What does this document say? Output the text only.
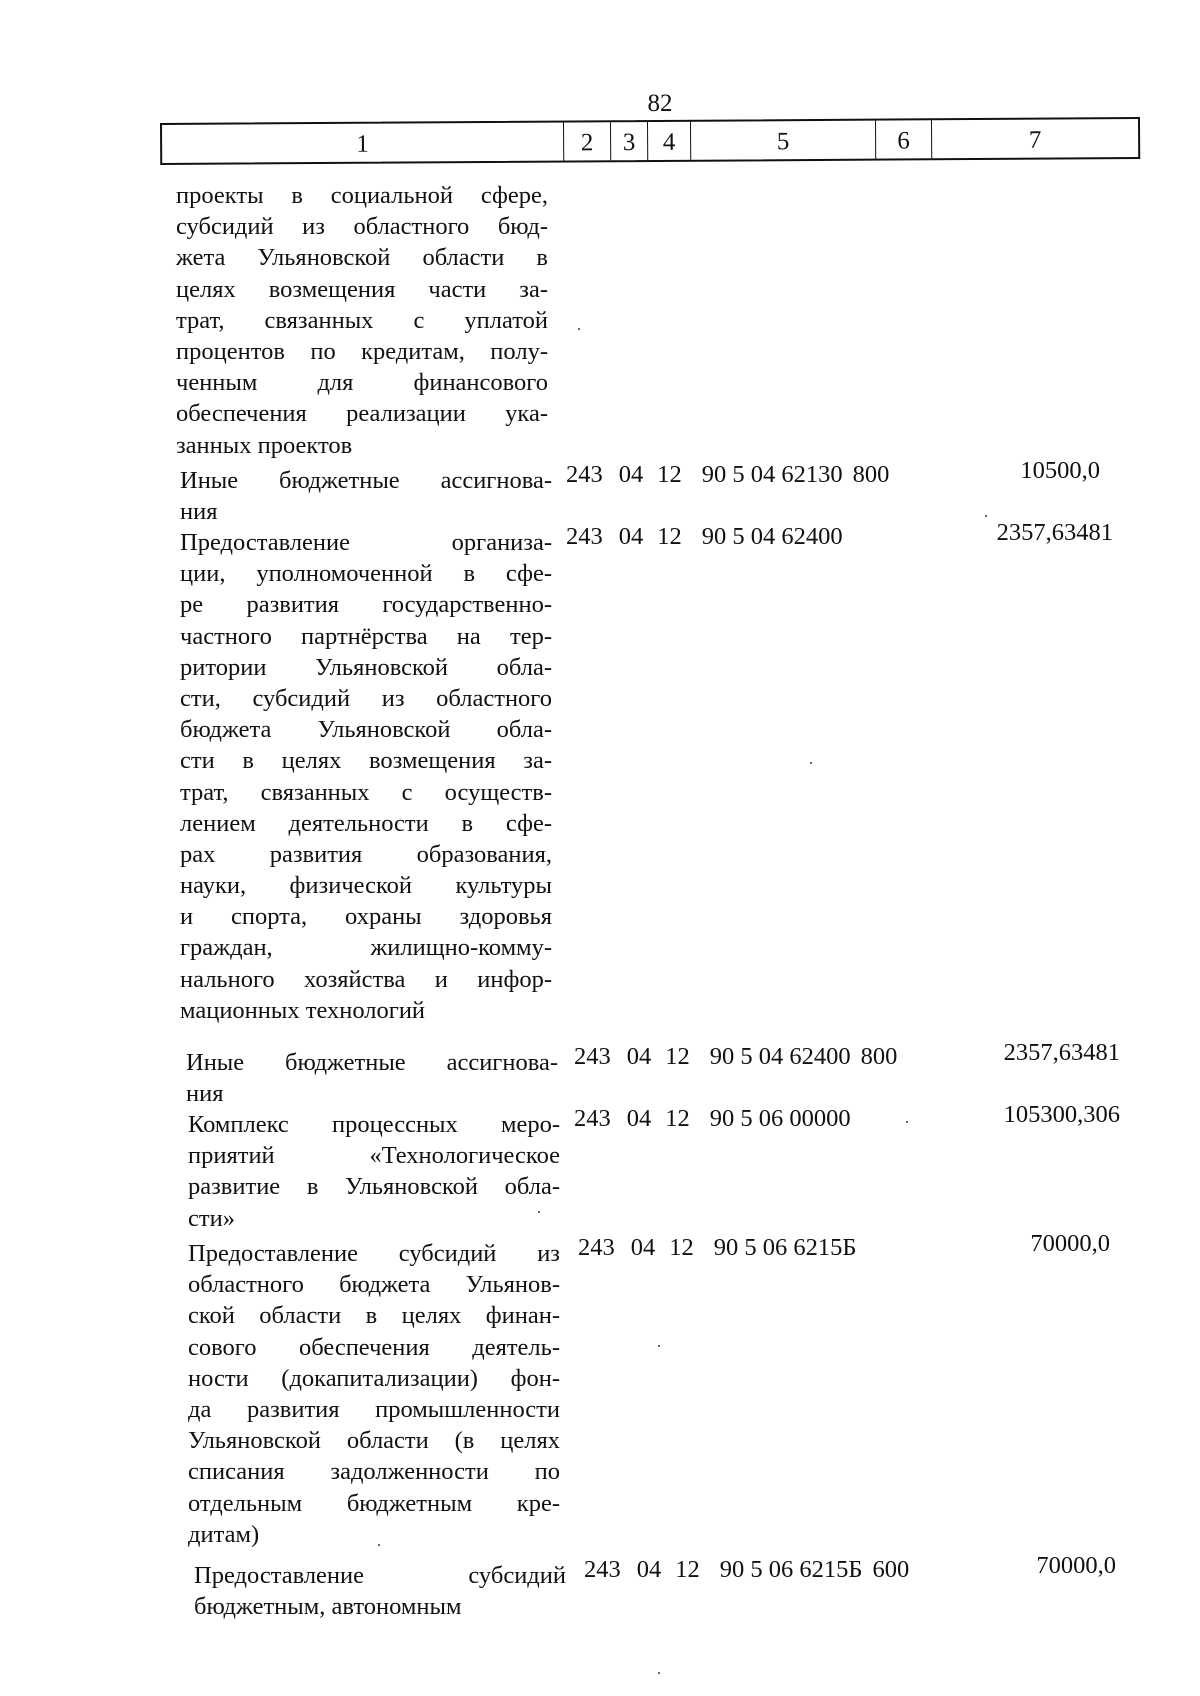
82
1	2	3	4	5	6	7
проекты в социальной сфере,
субсидий из областного бюд-
жета Ульяновской области в
целях возмещения части за-
трат, связанных с уплатой
процентов по кредитам, полу-
ченным для финансового
обеспечения реализации ука-
занных проектов
Иные бюджетные ассигнова-
ния
243 04 12 90 5 04 62130 800	10500,0
Предоставление организа-
ции, уполномоченной в сфе-
ре развития государственно-
частного партнёрства на тер-
ритории Ульяновской обла-
сти, субсидий из областного
бюджета Ульяновской обла-
сти в целях возмещения за-
трат, связанных с осуществ-
лением деятельности в сфе-
рах развития образования,
науки, физической культуры
и спорта, охраны здоровья
граждан, жилищно-комму-
нального хозяйства и инфор-
мационных технологий
243 04 12 90 5 04 62400	2357,63481
Иные бюджетные ассигнова-
ния
243 04 12 90 5 04 62400 800	2357,63481
Комплекс процессных меро-
приятий «Технологическое
развитие в Ульяновской обла-
сти»
243 04 12 90 5 06 00000	105300,306
Предоставление субсидий из
областного бюджета Ульянов-
ской области в целях финан-
сового обеспечения деятель-
ности (докапитализации) фон-
да развития промышленности
Ульяновской области (в целях
списания задолженности по
отдельным бюджетным кре-
дитам)
243 04 12 90 5 06 6215Б	70000,0
Предоставление субсидий
бюджетным, автономным
243 04 12 90 5 06 6215Б 600	70000,0
